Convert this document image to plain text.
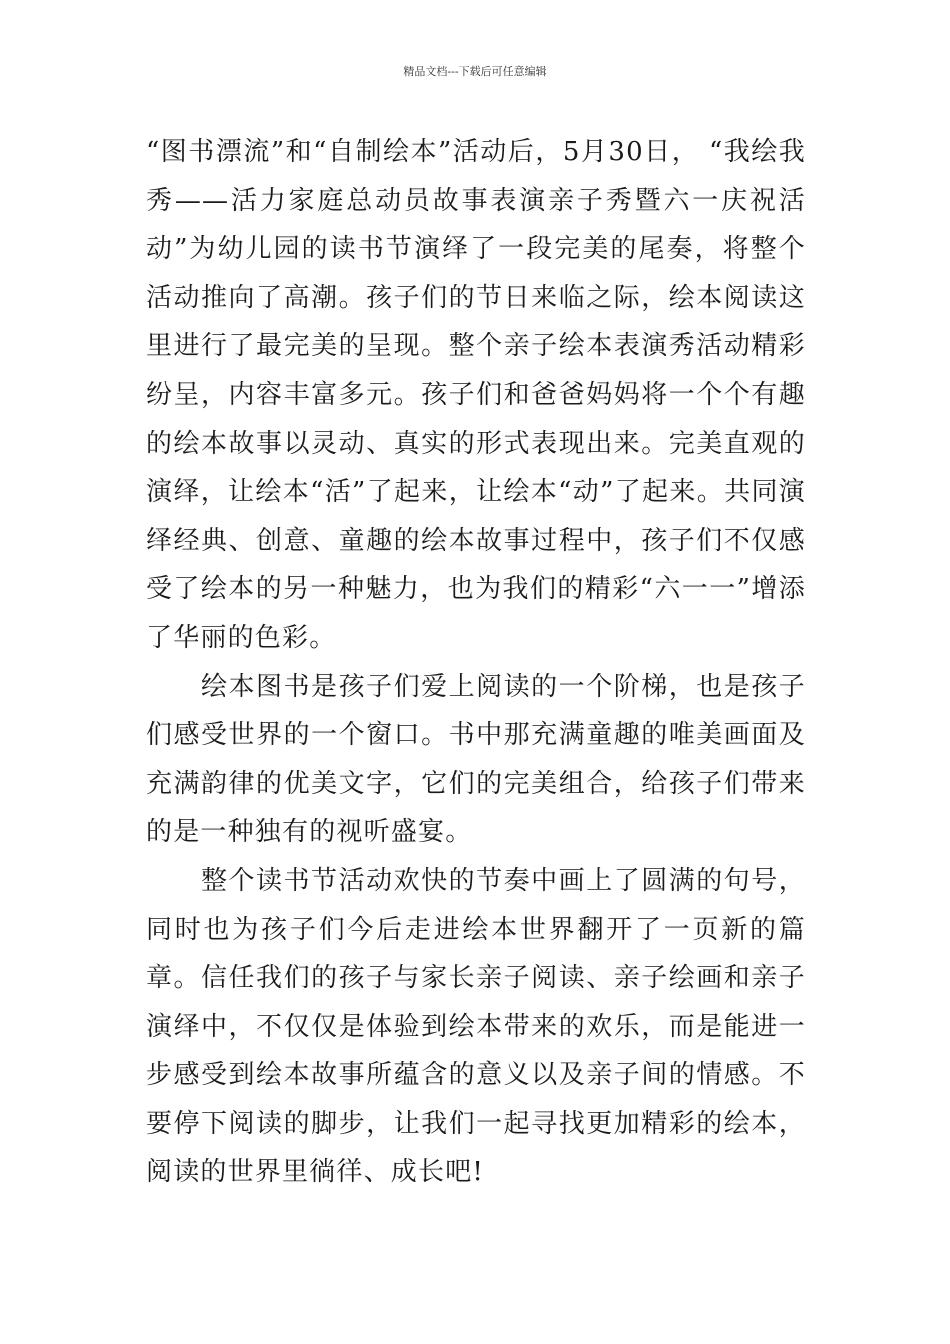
精品文档---下载后可任意编辑

“图书漂流”和“自制绘本”活动后，5月30日， “我绘我秀——活力家庭总动员故事表演亲子秀暨六一庆祝活动”为幼儿园的读书节演绎了一段完美的尾奏，将整个活动推向了高潮。孩子们的节日来临之际，绘本阅读这里进行了最完美的呈现。整个亲子绘本表演秀活动精彩纷呈，内容丰富多元。孩子们和爸爸妈妈将一个个有趣的绘本故事以灵动、真实的形式表现出来。完美直观的演绎，让绘本“活”了起来，让绘本“动”了起来。共同演绎经典、创意、童趣的绘本故事过程中，孩子们不仅感受了绘本的另一种魅力，也为我们的精彩“六一一”增添了华丽的色彩。

绘本图书是孩子们爱上阅读的一个阶梯，也是孩子们感受世界的一个窗口。书中那充满童趣的唯美画面及充满韵律的优美文字，它们的完美组合，给孩子们带来的是一种独有的视听盛宴。

整个读书节活动欢快的节奏中画上了圆满的句号，同时也为孩子们今后走进绘本世界翻开了一页新的篇章。信任我们的孩子与家长亲子阅读、亲子绘画和亲子演绎中，不仅仅是体验到绘本带来的欢乐，而是能进一步感受到绘本故事所蕴含的意义以及亲子间的情感。不要停下阅读的脚步，让我们一起寻找更加精彩的绘本，阅读的世界里徜徉、成长吧!
